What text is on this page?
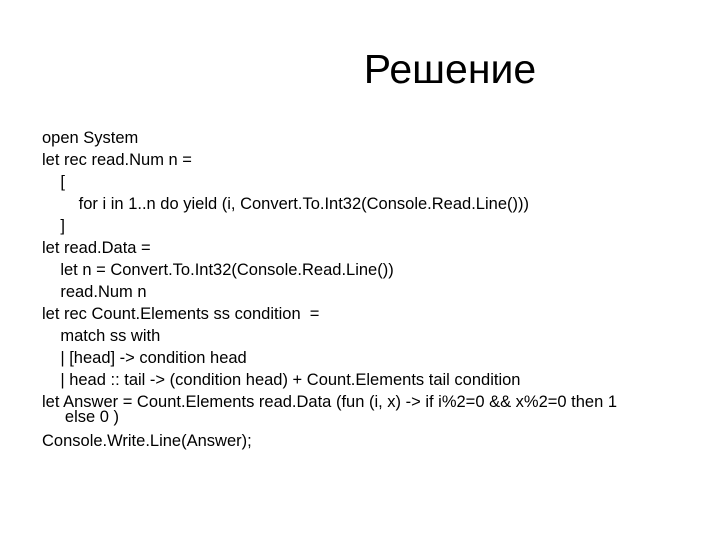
Решение
open System
let rec read.Num n =
[
for i in 1..n do yield (i, Convert.To.Int32(Console.Read.Line()))
]
let read.Data =
let n = Convert.To.Int32(Console.Read.Line())
read.Num n
let rec Count.Elements ss condition  =
match ss with
| [head] -> condition head
| head :: tail -> (condition head) + Count.Elements tail condition
let Answer = Count.Elements read.Data (fun (i, x) -> if i%2=0 && x%2=0 then 1
else 0 )
Console.Write.Line(Answer);
